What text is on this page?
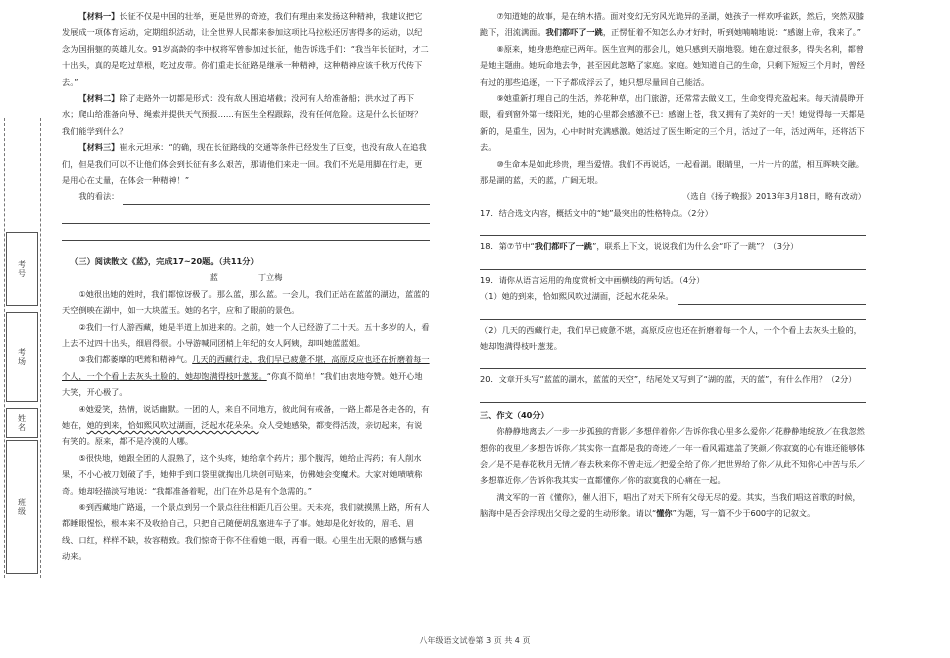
考号
考场
姓名
班级

【材料一】长征不仅是中国的壮举，更是世界的奇迹，我们有理由来发扬这种精神，我建议把它发展成一项体育运动，定期组织活动，让全世界人民都来参加这项比马拉松还厉害得多的运动，以纪念为国捐躯的英雄儿女。91岁高龄的李中权将军曾参加过长征，他告诉选手们：“我当年长征时，才二十出头，真的是吃过草根，吃过皮带。你们重走长征路是继承一种精神，这种精神应该千秋万代传下去。”

【材料二】除了走路外一切都是形式：没有敌人围追堵截；没河有人给准备船；洪水过了再下水；爬山给准备向导、绳索并提供天气预报……有医生全程跟踪，没有任何危险。这是什么长征呀？我们能学到什么？

【材料三】崔永元坦承：“的确，现在长征路线的交通等条件已经发生了巨变，也没有敌人在追我们，但是我们可以不让他们体会到长征有多么艰苦，那请他们来走一回。我们不光是用脚在行走，更是用心在丈量，在体会一种精神！”

我的看法：

（三）阅读散文《蓝》，完成17~20题。（共11分）

蓝	丁立梅

①她很出她的姓时，我们都惊讶极了。那么蓝，那么蓝。一会儿，我们正站在蓝蓝的湖边，蓝蓝的天空倒映在湖中，如一大块蓝玉。她的名字，应和了眼前的景色。

②我们一行人游西藏，她是半道上加进来的。之前，她一个人已经游了二十天。五十多岁的人，看上去不过四十出头，细眉得很。小导游喊同团梢上年纪的女人阿姨，却叫她蓝蓝姐。

③我们都萎靡的吧蔫和精神气。几天的西藏行走，我们早已疲惫不堪，高原反应也还在折磨着每一个人，一个个看上去灰头土脸的，她却饱满得枝叶葱茏。“你真不简单！”我们由衷地夸赞。她开心地大笑，开心极了。

④她爱笑，热情，说话幽默。一团的人，来自不同地方，彼此间有戒备，一路上都是各走各的，有她在，她的到来，恰如熙风吹过湖面，泛起水花朵朵。众人受她感染，都变得活泼，亲切起来，有说有笑的。原来，都不是冷漠的人哪。

⑤很快地，她跟全团的人混熟了，这个头疼，她给拿个药片；那个腹泻，她给止泻药；有人削水果，不小心被刀划破了手，她伸手到口袋里就掏出几块创可贴来，仿佛她会变魔术。大家对她啧啧称奇。她却轻描淡写地说：“我都准备着呢，出门在外总是有个急需的。”

⑥到西藏地广路遥，一个景点到另一个景点往往相距几百公里。天未亮，我们就摸黑上路，所有人都睡眼惺忪，根本来不及收拾自己，只把自己随便胡乱塞进车子了事。她却是化好妆的，眉毛、眉线、口红，样样不缺，妆容精致。我们惊奇于你不住看她一眼，再看一眼。心里生出无限的感慨与感动来。

⑦知道她的故事，是在纳木措。面对变幻无穷风光诡异的圣湖，她孩子一样欢呼雀跃，然后，突然双膝跪下，泪流满面。我们都吓了一跳，正愣怔着不知怎么办才好时，听到她喃喃地说：“感谢上帝，我来了。”

⑧原来，她身患绝症已两年。医生宣判的那会儿，她只感到天崩地裂。她在意过很多，得失名利，都曾是她主题曲。她玩命地去争，甚至因此忽略了家庭。家庭。她知道自己的生命，只剩下短短三个月时，曾经有过的那些追逐，一下子都成浮云了，她只想尽量回自己能活。

⑨她重新打理自己的生活，养花种草，出门旅游，还常常去做义工，生命变得充盈起来。每天清晨睁开眼，看到窗外第一缕阳光，她的心里都会感激不已：感谢上苍，我又拥有了美好的一天！她觉得每一天都是新的，是重生，因为，心中时时充满感激。她活过了医生断定的三个月，活过了一年，活过两年，还将活下去。

⑩生命本是如此珍贵，理当爱惜。我们不再说话，一起看湖。眼睛里，一片一片的蓝，相互晖映交融。那是湖的蓝，天的蓝，广阔无垠。

（选自《扬子晚报》2013年3月18日，略有改动）

17．结合选文内容，概括文中的“她”最突出的性格特点。（2分）

18．第⑦节中“我们都吓了一跳”，联系上下文，说说我们为什么会“吓了一跳”？（3分）

19．请你从语言运用的角度赏析文中画横线的两句话。（4分）

（1）她的到来，恰如熙风吹过湖面，泛起水花朵朵。

（2）几天的西藏行走，我们早已疲惫不堪，高原反应也还在折磨着每一个人，一个个看上去灰头土脸的，她却饱满得枝叶葱茏。

20．文章开头写“蓝蓝的湖水，蓝蓝的天空”，结尾处又写到了“湖的蓝，天的蓝”，有什么作用？（2分）

三、作文（40分）

你静静地离去／一步一步孤独的背影／多想伴着你／告诉你我心里多么爱你／花静静地绽放／在我忽然想你的夜里／多想告诉你／其实你一直都是我的奇迹／一年一看风霜遮盖了笑颜／你寂寞的心有谁还能够体会／是不是春花秋月无情／春去秋来你不曾走远／把爱全给了你／把世界给了你／从此不知你心中苦与乐／多想靠近你／告诉你我其实一直都懂你／你的寂寞我的心痛在一起。

满文军的一首《懂你》，催人泪下，唱出了对天下所有父母无尽的爱。其实，当我们唱这首歌的时候，脑海中是否会浮现出父母之爱的生动形象。请以“懂你”为题，写一篇不少于600字的记叙文。

八年级语文试卷第 3 页 共 4 页
